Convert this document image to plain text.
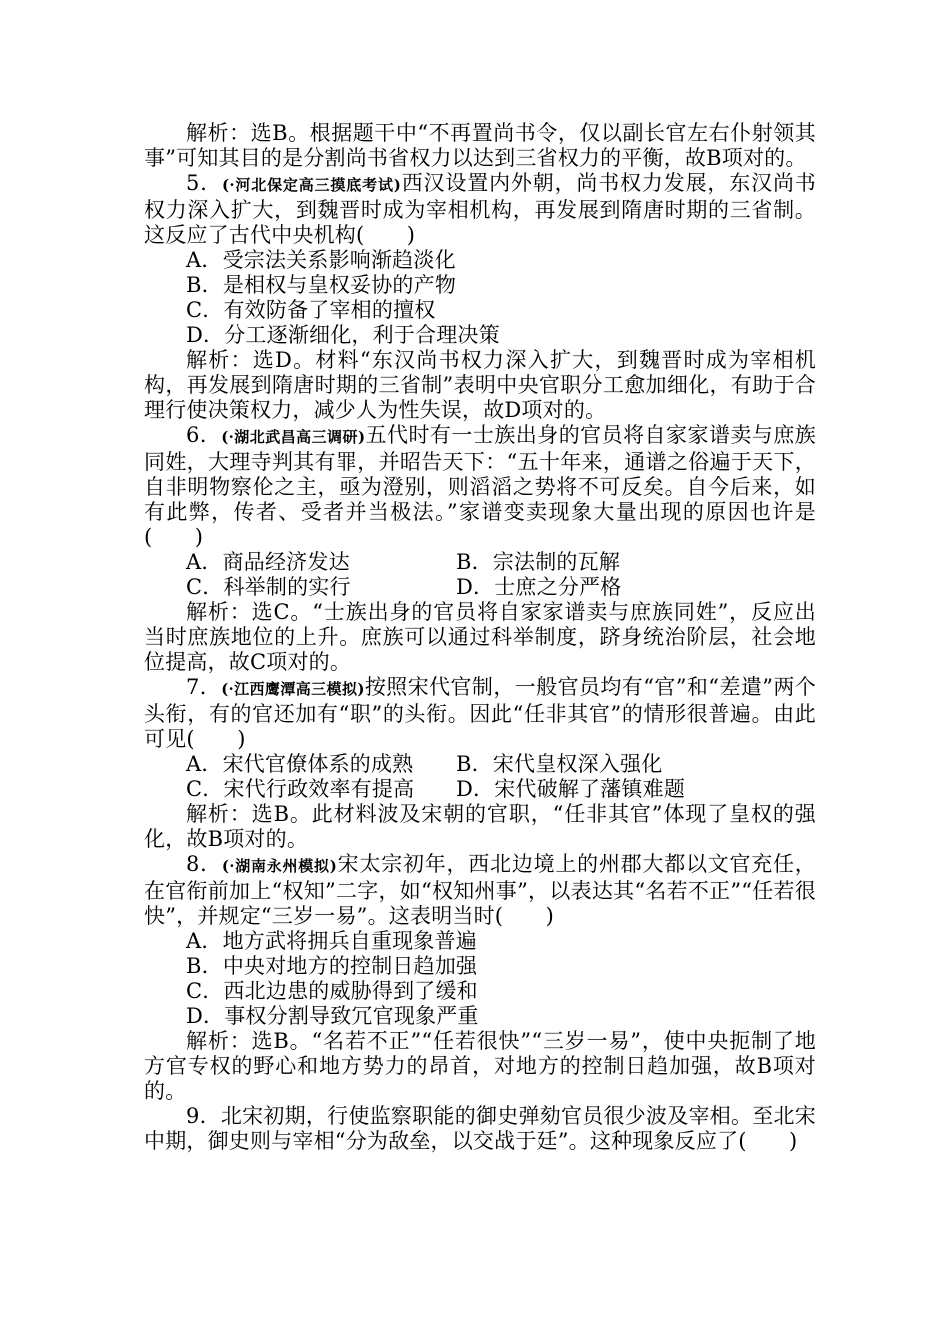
解析：选B。根据题干中“不再置尚书令，仅以副长官左右仆射领其事”可知其目的是分割尚书省权力以达到三省权力的平衡，故B项对的。

5．(·河北保定高三摸底考试)西汉设置内外朝，尚书权力发展，东汉尚书权力深入扩大，到魏晋时成为宰相机构，再发展到隋唐时期的三省制。这反应了古代中央机构(　　)

A．受宗法关系影响渐趋淡化

B．是相权与皇权妥协的产物

C．有效防备了宰相的擅权

D．分工逐渐细化，利于合理决策

解析：选D。材料“东汉尚书权力深入扩大，到魏晋时成为宰相机构，再发展到隋唐时期的三省制”表明中央官职分工愈加细化，有助于合理行使决策权力，减少人为性失误，故D项对的。

6．(·湖北武昌高三调研)五代时有一士族出身的官员将自家家谱卖与庶族同姓，大理寺判其有罪，并昭告天下：“五十年来，通谱之俗遍于天下，自非明物察伦之主，亟为澄别，则滔滔之势将不可反矣。自今后来，如有此弊，传者、受者并当极法。”家谱变卖现象大量出现的原因也许是(　　)

A．商品经济发达	B．宗法制的瓦解
C．科举制的实行	D．士庶之分严格

解析：选C。“士族出身的官员将自家家谱卖与庶族同姓”，反应出当时庶族地位的上升。庶族可以通过科举制度，跻身统治阶层，社会地位提高，故C项对的。

7．(·江西鹰潭高三模拟)按照宋代官制，一般官员均有“官”和“差遣”两个头衔，有的官还加有“职”的头衔。因此“任非其官”的情形很普遍。由此可见(　　)

A．宋代官僚体系的成熟	B．宋代皇权深入强化
C．宋代行政效率有提高	D．宋代破解了藩镇难题

解析：选B。此材料波及宋朝的官职，“任非其官”体现了皇权的强化，故B项对的。

8．(·湖南永州模拟)宋太宗初年，西北边境上的州郡大都以文官充任，在官衔前加上“权知”二字，如“权知州事”，以表达其“名若不正”“任若很快”，并规定“三岁一易”。这表明当时(　　)

A．地方武将拥兵自重现象普遍

B．中央对地方的控制日趋加强

C．西北边患的威胁得到了缓和

D．事权分割导致冗官现象严重

解析：选B。“名若不正”“任若很快”“三岁一易”，使中央扼制了地方官专权的野心和地方势力的昂首，对地方的控制日趋加强，故B项对的。

9．北宋初期，行使监察职能的御史弹劾官员很少波及宰相。至北宋中期，御史则与宰相“分为敌垒，以交战于廷”。这种现象反应了(　　)
